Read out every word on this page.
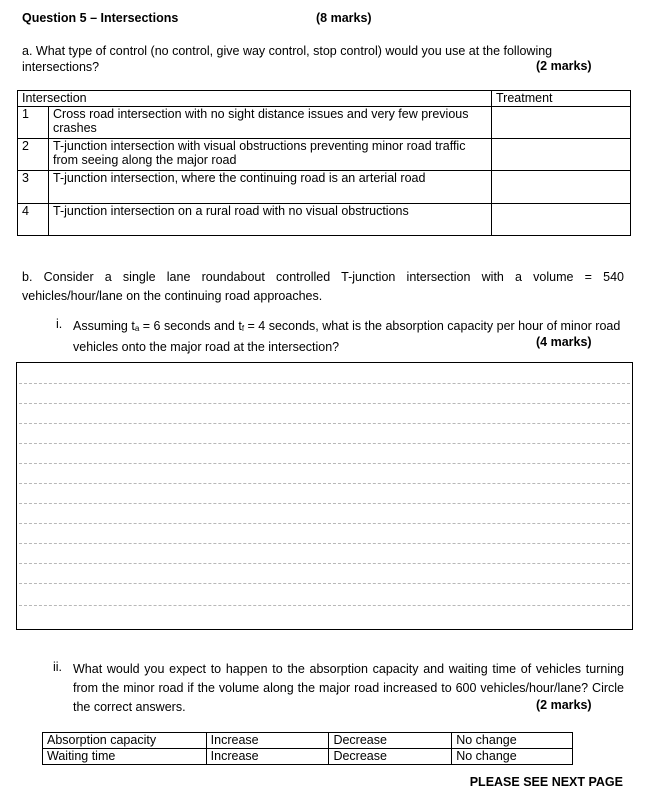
Question 5 – Intersections	(8 marks)
a. What type of control (no control, give way control, stop control) would you use at the following intersections?	(2 marks)
Intersection		Treatment
1	Cross road intersection with no sight distance issues and very few previous crashes	
2	T-junction intersection with visual obstructions preventing minor road traffic from seeing along the major road	
3	T-junction intersection, where the continuing road is an arterial road	
4	T-junction intersection on a rural road with no visual obstructions	
b. Consider a single lane roundabout controlled T-junction intersection with a volume = 540 vehicles/hour/lane on the continuing road approaches.
i. Assuming $t_a = 6$ seconds and $t_f = 4$ seconds, what is the absorption capacity per hour of minor road vehicles onto the major road at the intersection?	(4 marks)
ii. What would you expect to happen to the absorption capacity and waiting time of vehicles turning from the minor road if the volume along the major road increased to 600 vehicles/hour/lane? Circle the correct answers.	(2 marks)
Absorption capacity	Increase	Decrease	No change
Waiting time	Increase	Decrease	No change
PLEASE SEE NEXT PAGE
